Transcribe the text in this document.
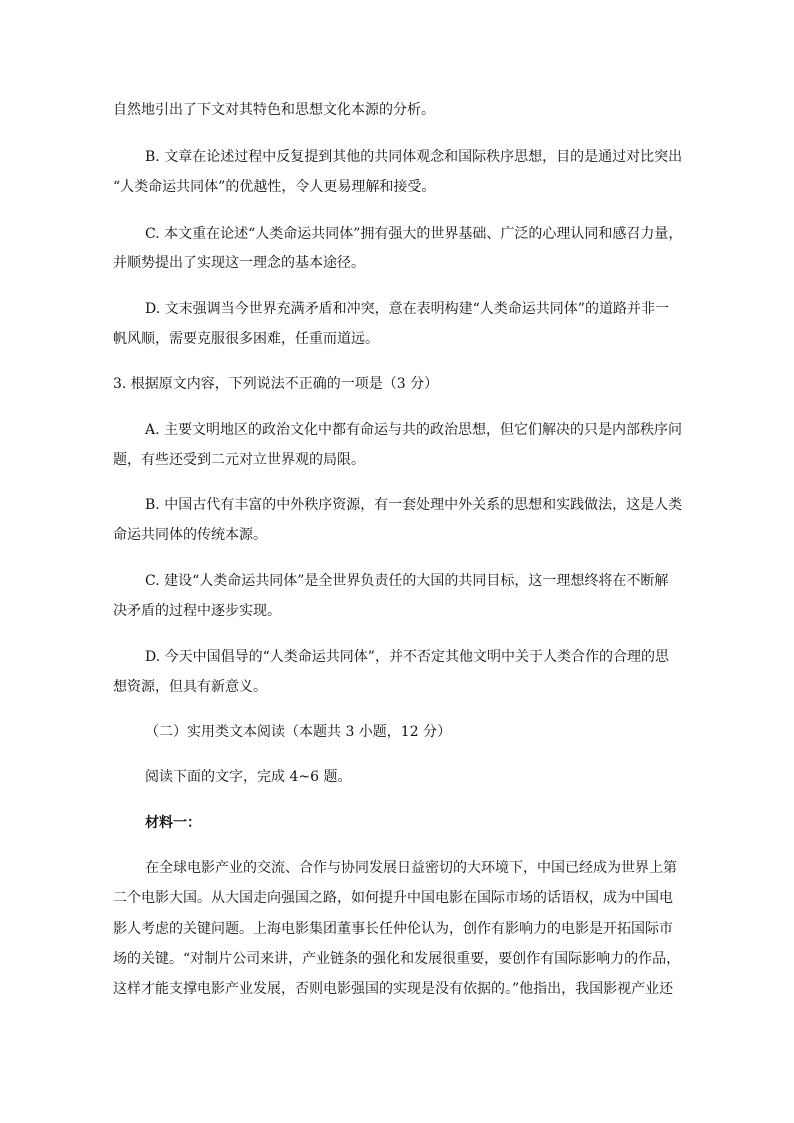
自然地引出了下文对其特色和思想文化本源的分析。
B. 文章在论述过程中反复提到其他的共同体观念和国际秩序思想，目的是通过对比突出
“人类命运共同体”的优越性，令人更易理解和接受。
C. 本文重在论述“人类命运共同体”拥有强大的世界基础、广泛的心理认同和感召力量，
并顺势提出了实现这一理念的基本途径。
D. 文末强调当今世界充满矛盾和冲突，意在表明构建“人类命运共同体”的道路并非一
帆风顺，需要克服很多困难，任重而道远。
3. 根据原文内容，下列说法不正确的一项是（3 分）
A. 主要文明地区的政治文化中都有命运与共的政治思想，但它们解决的只是内部秩序问
题，有些还受到二元对立世界观的局限。
B. 中国古代有丰富的中外秩序资源，有一套处理中外关系的思想和实践做法，这是人类
命运共同体的传统本源。
C. 建设“人类命运共同体”是全世界负责任的大国的共同目标，这一理想终将在不断解
决矛盾的过程中逐步实现。
D. 今天中国倡导的“人类命运共同体”，并不否定其他文明中关于人类合作的合理的思
想资源，但具有新意义。
（二）实用类文本阅读（本题共 3 小题，12 分）
阅读下面的文字，完成 4~6 题。
材料一：
在全球电影产业的交流、合作与协同发展日益密切的大环境下，中国已经成为世界上第
二个电影大国。从大国走向强国之路，如何提升中国电影在国际市场的话语权，成为中国电
影人考虑的关键问题。上海电影集团董事长任仲伦认为，创作有影响力的电影是开拓国际市
场的关键。“对制片公司来讲，产业链条的强化和发展很重要，要创作有国际影响力的作品，
这样才能支撑电影产业发展，否则电影强国的实现是没有依据的。”他指出，我国影视产业还
